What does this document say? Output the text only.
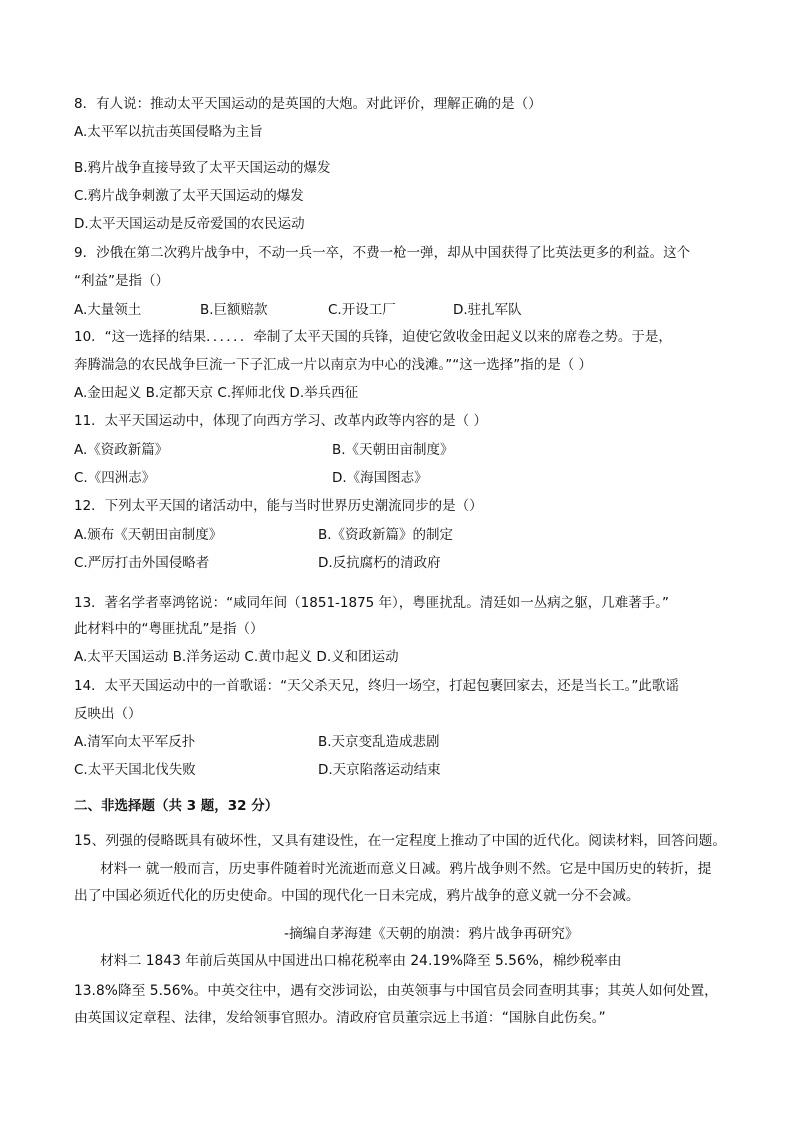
8．有人说：推动太平天国运动的是英国的大炮。对此评价，理解正确的是（）
A.太平军以抗击英国侵略为主旨
B.鸦片战争直接导致了太平天国运动的爆发
C.鸦片战争刺激了太平天国运动的爆发
D.太平天国运动是反帝爱国的农民运动
9．沙俄在第二次鸦片战争中，不动一兵一卒，不费一枪一弹，却从中国获得了比英法更多的利益。这个
“利益”是指（）
A.大量领土	B.巨额赔款	C.开设工厂	D.驻扎军队
10．“这一选择的结果．．．．．．牵制了太平天国的兵锋，迫使它敛收金田起义以来的席卷之势。于是，
奔腾湍急的农民战争巨流一下子汇成一片以南京为中心的浅滩。”“这一选择”指的是（ ）
A.金田起义 B.定都天京 C.挥师北伐 D.举兵西征
11．太平天国运动中，体现了向西方学习、改革内政等内容的是（ ）
A.《资政新篇》	B.《天朝田亩制度》
C.《四洲志》	D.《海国图志》
12．下列太平天国的诸活动中，能与当时世界历史潮流同步的是（）
A.颁布《天朝田亩制度》	B.《资政新篇》的制定
C.严厉打击外国侵略者	D.反抗腐朽的清政府
13．著名学者辜鸿铭说：“咸同年间（1851-1875 年），粤匪扰乱。清廷如一丛病之躯，几难著手。”
此材料中的“粤匪扰乱”是指（）
A.太平天国运动 B.洋务运动 C.黄巾起义 D.义和团运动
14．太平天国运动中的一首歌谣：“天父杀天兄，终归一场空，打起包裹回家去，还是当长工。”此歌谣
反映出（）
A.清军向太平军反扑	B.天京变乱造成悲剧
C.太平天国北伐失败	D.天京陷落运动结束
二、非选择题（共 3 题，32 分）
15、列强的侵略既具有破坏性，又具有建设性，在一定程度上推动了中国的近代化。阅读材料，回答问题。
材料一 就一般而言，历史事件随着时光流逝而意义日减。鸦片战争则不然。它是中国历史的转折，提
出了中国必须近代化的历史使命。中国的现代化一日未完成，鸦片战争的意义就一分不会减。
-摘编自茅海建《天朝的崩溃：鸦片战争再研究》
材料二 1843 年前后英国从中国进出口棉花税率由 24.19%降至 5.56%，棉纱税率由
13.8%降至 5.56%。中英交往中，遇有交涉词讼，由英领事与中国官员会同查明其事；其英人如何处置，
由英国议定章程、法律，发给领事官照办。清政府官员董宗远上书道：“国脉自此伤矣。”
